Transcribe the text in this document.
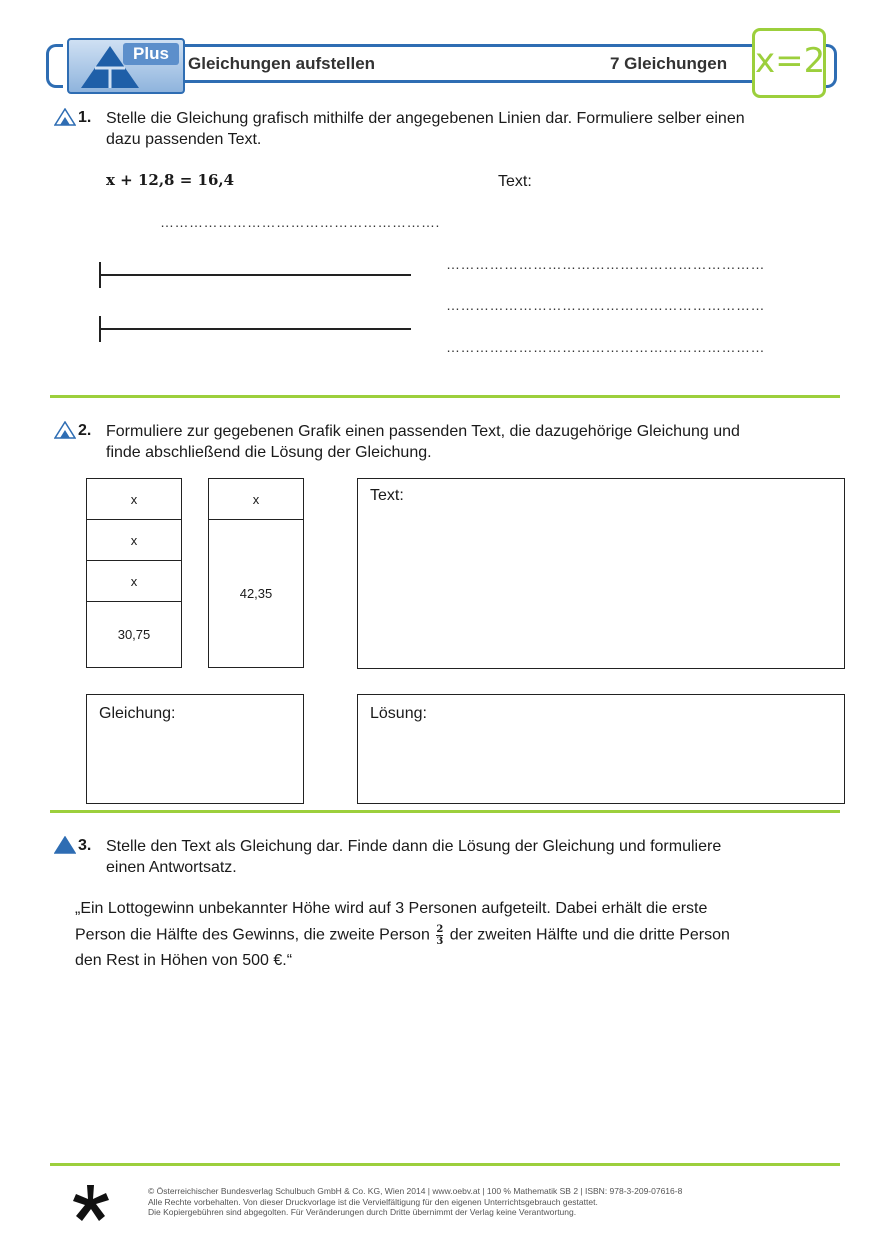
Plus
Gleichungen aufstellen	7 Gleichungen x=2
1. Stelle die Gleichung grafisch mithilfe der angegebenen Linien dar. Formuliere selber einen
dazu passenden Text.
x + 12,8 = 16,4	Text:
………………………………………………….
…………………………………………………………
…………………………………………………………
…………………………………………………………
2. Formuliere zur gegebenen Grafik einen passenden Text, die dazugehörige Gleichung und
finde abschließend die Lösung der Gleichung.
x
x
x
30,75
x
42,35
Text:
Gleichung:	Lösung:
3. Stelle den Text als Gleichung dar. Finde dann die Lösung der Gleichung und formuliere
einen Antwortsatz.
„Ein Lottogewinn unbekannter Höhe wird auf 3 Personen aufgeteilt. Dabei erhält die erste
Person die Hälfte des Gewinns, die zweite Person $\frac{2}{3}$ der zweiten Hälfte und die dritte Person
den Rest in Höhen von 500 €.“
© Österreichischer Bundesverlag Schulbuch GmbH & Co. KG, Wien 2014 | www.oebv.at | 100 % Mathematik SB 2 | ISBN: 978-3-209-07616-8
Alle Rechte vorbehalten. Von dieser Druckvorlage ist die Vervielfältigung für den eigenen Unterrichtsgebrauch gestattet.
Die Kopiergebühren sind abgegolten. Für Veränderungen durch Dritte übernimmt der Verlag keine Verantwortung.
